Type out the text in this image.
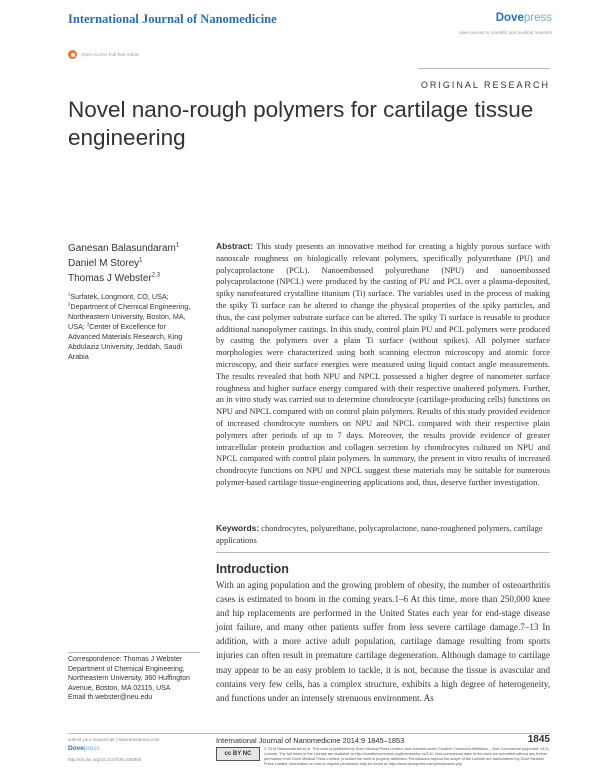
International Journal of Nanomedicine	Dovepress
open access to scientific and medical research
Open Access Full Text Article
ORIGINAL RESEARCH
Novel nano-rough polymers for cartilage tissue engineering
Ganesan Balasundaram$^1$
Daniel M Storey$^1$
Thomas J Webster$^{2,3}$
$^1$Surfatek, Longmont, CO, USA;
$^2$Department of Chemical Engineering, Northeastern University, Boston, MA, USA; $^3$Center of Excellence for Advanced Materials Research, King Abdulaziz University, Jeddah, Saudi Arabia
Correspondence: Thomas J Webster
Department of Chemical Engineering,
Northeastern University, 360 Huffington
Avenue, Boston, MA 02115, USA
Email th.webster@neu.edu
Abstract: This study presents an innovative method for creating a highly porous surface with nanoscale roughness on biologically relevant polymers, specifically polyurethane (PU) and polycaprolactone (PCL). Nanoembossed polyurethane (NPU) and nanoembossed polycaprolactone (NPCL) were produced by the casting of PU and PCL over a plasma-deposited, spiky nanofeatured crystalline titanium (Ti) surface. The variables used in the process of making the spiky Ti surface can be altered to change the physical properties of the spiky particles, and thus, the cast polymer substrate surface can be altered. The spiky Ti surface is reusable to produce additional nanopolymer castings. In this study, control plain PU and PCL polymers were produced by casting the polymers over a plain Ti surface (without spikes). All polymer surface morphologies were characterized using both scanning electron microscopy and atomic force microscopy, and their surface energies were measured using liquid contact angle measurements. The results revealed that both NPU and NPCL possessed a higher degree of nanometer surface roughness and higher surface energy compared with their respective unaltered polymers. Further, an in vitro study was carried out to determine chondrocyte (cartilage-producing cells) functions on NPU and NPCL compared with on control plain polymers. Results of this study provided evidence of increased chondrocyte numbers on NPU and NPCL compared with their respective plain polymers after periods of up to 7 days. Moreover, the results provide evidence of greater intracellular protein production and collagen secretion by chondrocytes cultured on NPU and NPCL compared with control plain polymers. In summary, the present in vitro results of increased chondrocyte functions on NPU and NPCL suggest these materials may be suitable for numerous polymer-based cartilage tissue-engineering applications and, thus, deserve further investigation.
Keywords: chondrocytes, polyurethane, polycaprolactone, nano-roughened polymers, cartilage applications
Introduction
With an aging population and the growing problem of obesity, the number of osteoarthritis cases is estimated to boom in the coming years.1–6 At this time, more than 250,000 knee and hip replacements are performed in the United States each year for end-stage disease joint failure, and many other patients suffer from less severe cartilage damage.7–13 In addition, with a more active adult population, cartilage damage resulting from sports injuries can often result in premature cartilage degeneration. Although damage to cartilage may appear to be an easy problem to tackle, it is not, because the tissue is avascular and contains very few cells, has a complex structure, exhibits a high degree of heterogeneity, and functions under an intensely strenuous environment. As
submit your manuscript | www.dovepress.com
Dovepress
http://dx.doi.org/10.2147/IJN.S55865
International Journal of Nanomedicine 2014:9 1845–1853	1845
cc BY NC
© 2014 Balasundaram et al. This work is published by Dove Medical Press Limited, and licensed under Creative Commons Attribution – Non Commercial (unported, v3.0) License. The full terms of the License are available at http://creativecommons.org/licenses/by-nc/3.0/. Non-commercial uses of the work are permitted without any further permission from Dove Medical Press Limited, provided the work is properly attributed. Permissions beyond the scope of the License are administered by Dove Medical Press Limited. Information on how to request permission may be found at: http://www.dovepress.com/permissions.php
